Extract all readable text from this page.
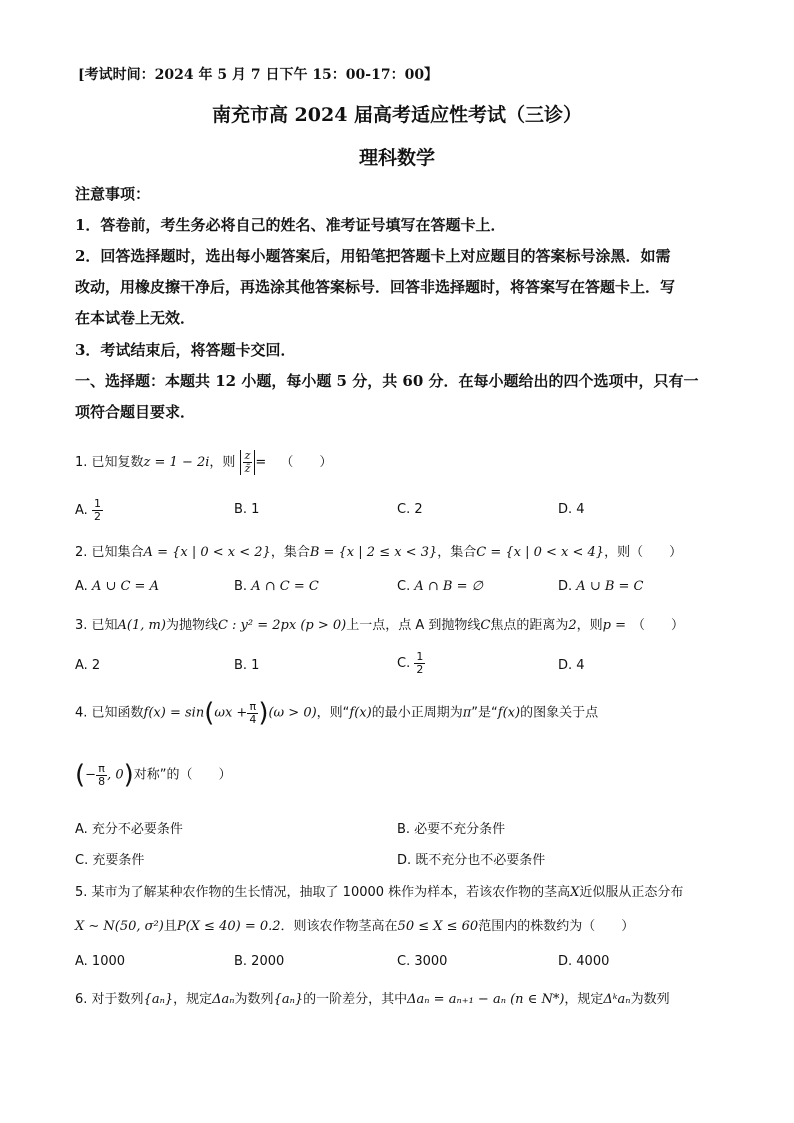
[考试时间：2024 年 5 月 7 日下午 15：00-17：00】
南充市高 2024 届高考适应性考试（三诊）
理科数学
注意事项：
1．答卷前，考生务必将自己的姓名、准考证号填写在答题卡上．
2．回答选择题时，选出每小题答案后，用铅笔把答题卡上对应题目的答案标号涂黑．如需
改动，用橡皮擦干净后，再选涂其他答案标号．回答非选择题时，将答案写在答题卡上．写
在本试卷上无效．
3．考试结束后，将答题卡交回．
一、选择题：本题共 12 小题，每小题 5 分，共 60 分．在每小题给出的四个选项中，只有一
项符合题目要求．
1. 已知复数z = 1 − 2i，则 $\frac{z}{z̄}$ = （　　）
A. $\frac{1}{2}$	B. 1	C. 2	D. 4
2. 已知集合A = {x | 0 < x < 2}，集合B = {x | 2 ≤ x < 3}，集合C = {x | 0 < x < 4}，则（　　）
A. A ∪ C = A	B. A ∩ C = C	C. A ∩ B = ∅	D. A ∪ B = C
3. 已知A(1, m)为抛物线C : y² = 2px (p > 0)上一点，点 A 到抛物线C焦点的距离为2，则p = （　　）
A. 2	B. 1	C. $\frac{1}{2}$	D. 4
4. 已知函数$f(x) = \sin(\omega x + \frac{\pi}{4} )(\omega > 0)$，则“f(x)的最小正周期为π”是“f(x)的图象关于点
(− $\frac{\pi}{8}$ , 0)对称”的（　　）
A. 充分不必要条件	B. 必要不充分条件
C. 充要条件	D. 既不充分也不必要条件
5. 某市为了解某种农作物的生长情况，抽取了 10000 株作为样本，若该农作物的茎高X近似服从正态分布
X ∼ N(50, σ²)且P(X ≤ 40) = 0.2．则该农作物茎高在50 ≤ X ≤ 60范围内的株数约为（　　）
A. 1000	B. 2000	C. 3000	D. 4000
6. 对于数列{aₙ}，规定Δaₙ为数列{aₙ}的一阶差分，其中Δaₙ = aₙ₊₁ − aₙ (n ∈ N*)，规定Δᵏaₙ为数列
